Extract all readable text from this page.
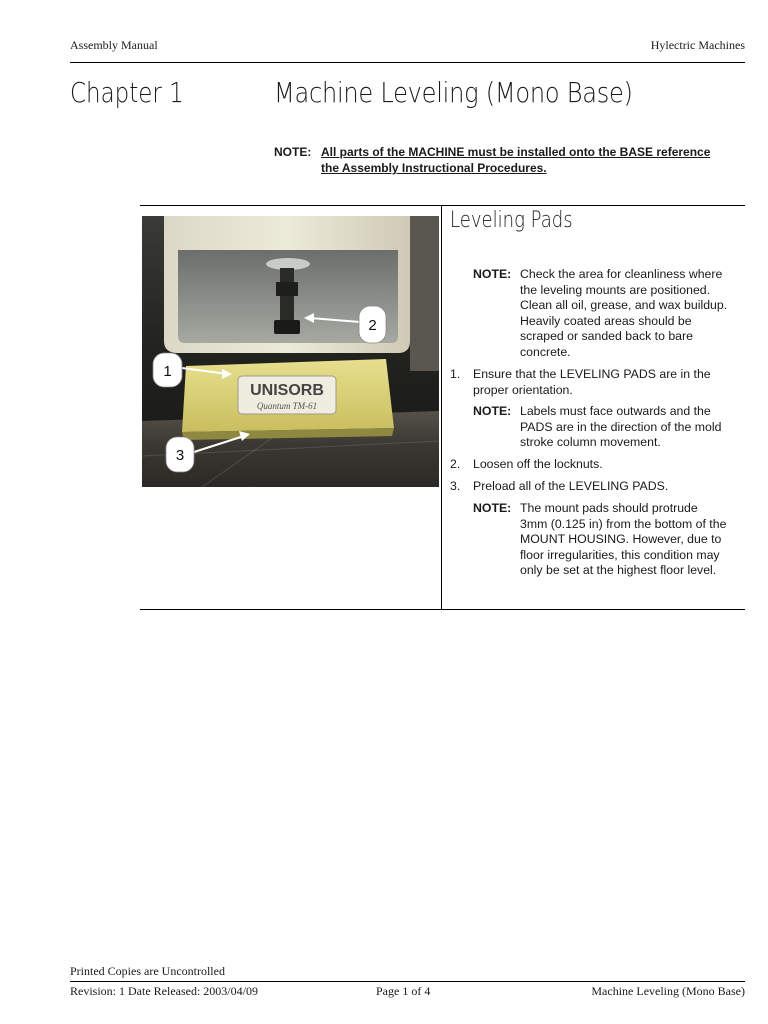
Assembly Manual	Hylectric Machines
Chapter 1	Machine Leveling (Mono Base)
NOTE: All parts of the MACHINE must be installed onto the BASE reference
the Assembly Instructional Procedures.
UNISORB
Quantum TM-61
1
2
3
Leveling Pads
NOTE: Check the area for cleanliness where
the leveling mounts are positioned.
Clean all oil, grease, and wax buildup.
Heavily coated areas should be
scraped or sanded back to bare
concrete.
1. Ensure that the LEVELING PADS are in the
proper orientation.
NOTE: Labels must face outwards and the
PADS are in the direction of the mold
stroke column movement.
2. Loosen off the locknuts.
3. Preload all of the LEVELING PADS.
NOTE: The mount pads should protrude
3mm (0.125 in) from the bottom of the
MOUNT HOUSING. However, due to
floor irregularities, this condition may
only be set at the highest floor level.
Printed Copies are Uncontrolled
Revision: 1 Date Released: 2003/04/09	Page 1 of 4	Machine Leveling (Mono Base)
